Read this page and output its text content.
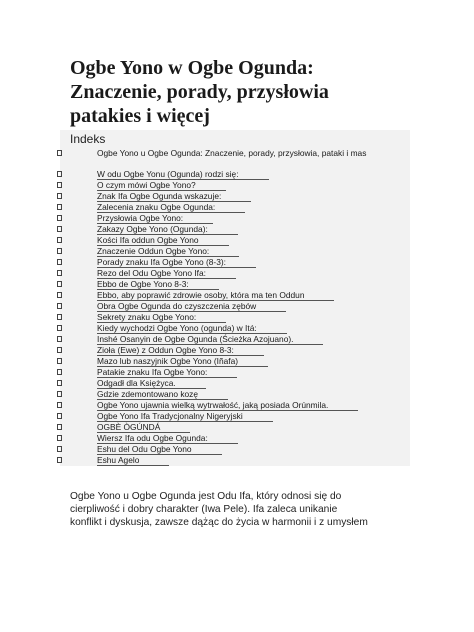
Ogbe Yono w Ogbe Ogunda:
Znaczenie, porady, przysłowia
patakies i więcej
Indeks
Ogbe Yono u Ogbe Ogunda: Znaczenie, porady, przysłowia, pataki i mas
W odu Ogbe Yonu (Ogunda) rodzi się:
O czym mówi Ogbe Yono?
Znak Ifa Ogbe Ogunda wskazuje:
Zalecenia znaku Ogbe Ogunda:
Przysłowia Ogbe Yono:
Zakazy Ogbe Yono (Ogunda):
Kości Ifa oddun Ogbe Yono
Znaczenie Oddun Ogbe Yono:
Porady znaku Ifa Ogbe Yono (8-3):
Rezo del Odu Ogbe Yono Ifa:
Ebbo de Ogbe Yono 8-3:
Ebbo, aby poprawić zdrowie osoby, która ma ten Oddun
Obra Ogbe Ogunda do czyszczenia zębów
Sekrety znaku Ogbe Yono:
Kiedy wychodzi Ogbe Yono (ogunda) w Itá:
Inshé Osanyin de Ogbe Ogunda (Ścieżka Azojuano).
Zioła (Ewe) z Oddun Ogbe Yono 8-3:
Mazo lub naszyjnik Ogbe Yono (Iñafa)
Patakie znaku Ifa Ogbe Yono:
Odgadł dla Księżyca.
Gdzie zdemontowano kozę
Ogbe Yono ujawnia wielką wytrwałość, jaką posiada Orúnmila.
Ogbe Yono Ifa Tradycjonalny Nigeryjski
OGBÈ ÒGÚNDÁ
Wiersz Ifa odu Ogbe Ogunda:
Eshu del Odu Ogbe Yono
Eshu Agelo
Ogbe Yono u Ogbe Ogunda jest Odu Ifa, który odnosi się do
cierpliwość i dobry charakter (Iwa Pele). Ifa zaleca unikanie
konflikt i dyskusja, zawsze dążąc do życia w harmonii i z umysłem
